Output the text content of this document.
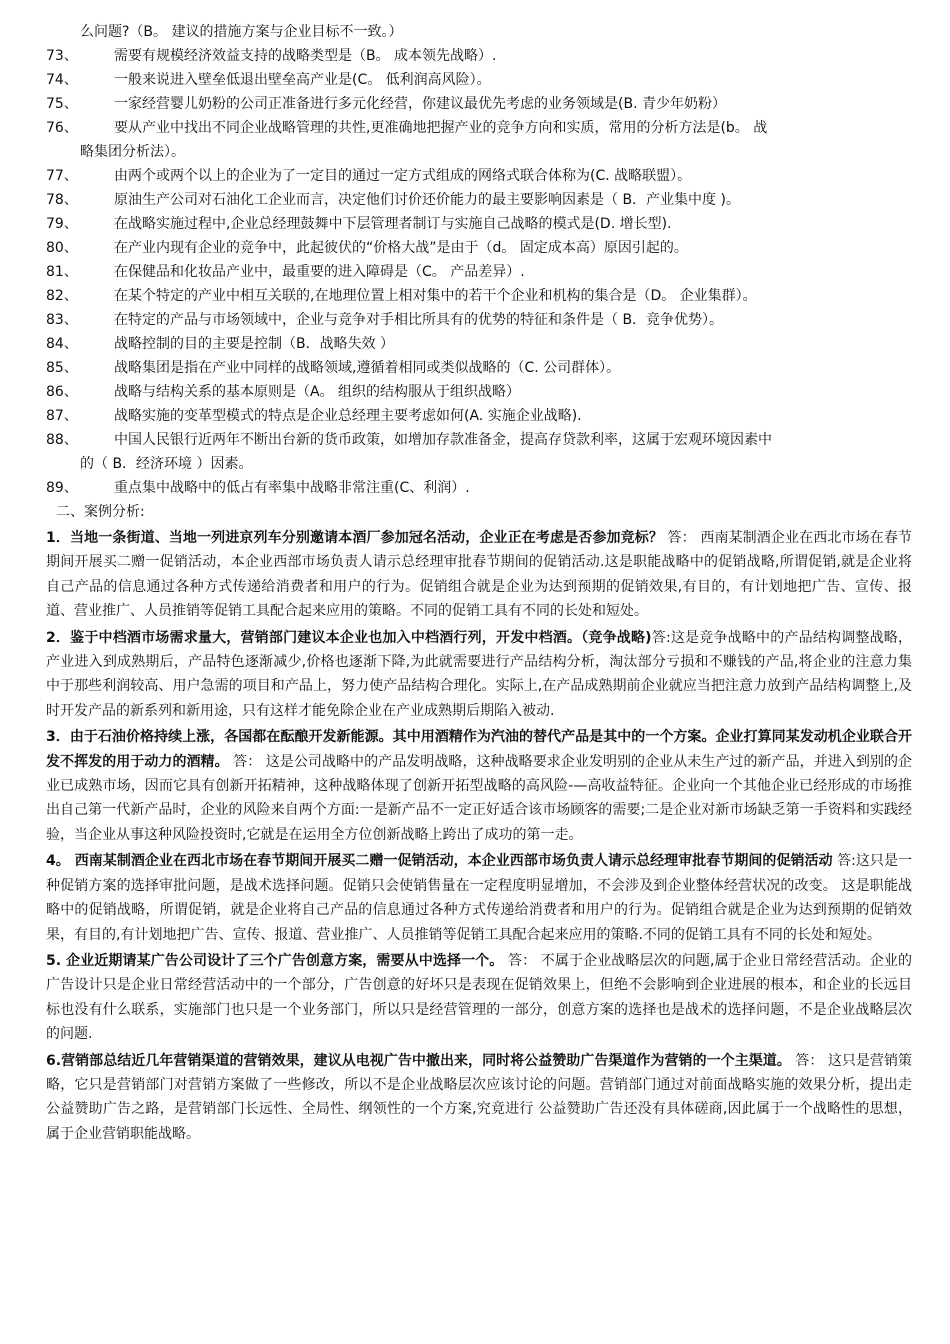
么问题?（B。 建议的措施方案与企业目标不一致。）
73、	需要有规模经济效益支持的战略类型是（B。 成本领先战略）.
74、	一般来说进入壁垒低退出壁垒高产业是(C。 低利润高风险）。
75、	一家经营婴儿奶粉的公司正准备进行多元化经营，你建议最优先考虑的业务领域是(B. 青少年奶粉）
76、	要从产业中找出不同企业战略管理的共性,更准确地把握产业的竞争方向和实质，常用的分析方法是(b。 战
略集团分析法）。
77、	由两个或两个以上的企业为了一定目的通过一定方式组成的网络式联合体称为(C. 战略联盟）。
78、	原油生产公司对石油化工企业而言，决定他们讨价还价能力的最主要影响因素是（ B．产业集中度 )。
79、	在战略实施过程中,企业总经理鼓舞中下层管理者制订与实施自己战略的模式是(D. 增长型).
80、	在产业内现有企业的竞争中，此起彼伏的“价格大战”是由于（d。 固定成本高）原因引起的。
81、	在保健品和化妆品产业中，最重要的进入障碍是（C。 产品差异）.
82、	在某个特定的产业中相互关联的,在地理位置上相对集中的若干个企业和机构的集合是（D。 企业集群）。
83、	在特定的产品与市场领域中，企业与竞争对手相比所具有的优势的特征和条件是（ B．竞争优势）。
84、	战略控制的目的主要是控制（B．战略失效 ）
85、	战略集团是指在产业中同样的战略领域,遵循着相同或类似战略的（C. 公司群体）。
86、	战略与结构关系的基本原则是（A。 组织的结构服从于组织战略）
87、	战略实施的变革型模式的特点是企业总经理主要考虑如何(A. 实施企业战略).
88、	中国人民银行近两年不断出台新的货币政策，如增加存款准备金，提高存贷款利率，这属于宏观环境因素中
的（ B．经济环境 ）因素。
89、	重点集中战略中的低占有率集中战略非常注重(C、利润）.
二、案例分析:
1．当地一条街道、当地一列进京列车分别邀请本酒厂参加冠名活动，企业正在考虑是否参加竞标？ 答： 西南某制酒企业在西北市场在春节期间开展买二赠一促销活动，本企业西部市场负责人请示总经理审批春节期间的促销活动.这是职能战略中的促销战略,所谓促销,就是企业将自己产品的信息通过各种方式传递给消费者和用户的行为。促销组合就是企业为达到预期的促销效果,有目的，有计划地把广告、宣传、报道、营业推广、人员推销等促销工具配合起来应用的策略。不同的促销工具有不同的长处和短处。
2．鉴于中档酒市场需求量大，营销部门建议本企业也加入中档酒行列，开发中档酒。（竞争战略)答:这是竞争战略中的产品结构调整战略，产业进入到成熟期后，产品特色逐渐减少,价格也逐渐下降,为此就需要进行产品结构分析，淘汰部分亏损和不赚钱的产品,将企业的注意力集中于那些利润较高、用户急需的项目和产品上，努力使产品结构合理化。实际上,在产品成熟期前企业就应当把注意力放到产品结构调整上,及时开发产品的新系列和新用途，只有这样才能免除企业在产业成熟期后期陷入被动.
3．由于石油价格持续上涨，各国都在酝酿开发新能源。其中用酒精作为汽油的替代产品是其中的一个方案。企业打算同某发动机企业联合开发不挥发的用于动力的酒精。 答： 这是公司战略中的产品发明战略，这种战略要求企业发明别的企业从未生产过的新产品，并进入到别的企业已成熟市场，因而它具有创新开拓精神，这种战略体现了创新开拓型战略的高风险-—高收益特征。企业向一个其他企业已经形成的市场推出自己第一代新产品时，企业的风险来自两个方面:一是新产品不一定正好适合该市场顾客的需要;二是企业对新市场缺乏第一手资料和实践经验，当企业从事这种风险投资时,它就是在运用全方位创新战略上跨出了成功的第一走。
4。 西南某制酒企业在西北市场在春节期间开展买二赠一促销活动，本企业西部市场负责人请示总经理审批春节期间的促销活动 答:这只是一种促销方案的选择审批问题，是战术选择问题。促销只会使销售量在一定程度明显增加，不会涉及到企业整体经营状况的改变。 这是职能战略中的促销战略，所谓促销，就是企业将自己产品的信息通过各种方式传递给消费者和用户的行为。促销组合就是企业为达到预期的促销效果，有目的,有计划地把广告、宣传、报道、营业推广、人员推销等促销工具配合起来应用的策略.不同的促销工具有不同的长处和短处。
5. 企业近期请某广告公司设计了三个广告创意方案，需要从中选择一个。 答： 不属于企业战略层次的问题,属于企业日常经营活动。企业的广告设计只是企业日常经营活动中的一个部分，广告创意的好坏只是表现在促销效果上，但绝不会影响到企业进展的根本，和企业的长远目标也没有什么联系，实施部门也只是一个业务部门，所以只是经营管理的一部分，创意方案的选择也是战术的选择问题，不是企业战略层次的问题.
6.营销部总结近几年营销渠道的营销效果，建议从电视广告中撤出来，同时将公益赞助广告渠道作为营销的一个主渠道。 答： 这只是营销策略，它只是营销部门对营销方案做了一些修改，所以不是企业战略层次应该讨论的问题。营销部门通过对前面战略实施的效果分析，提出走公益赞助广告之路，是营销部门长远性、全局性、纲领性的一个方案,究竟进行 公益赞助广告还没有具体磋商,因此属于一个战略性的思想，属于企业营销职能战略。
